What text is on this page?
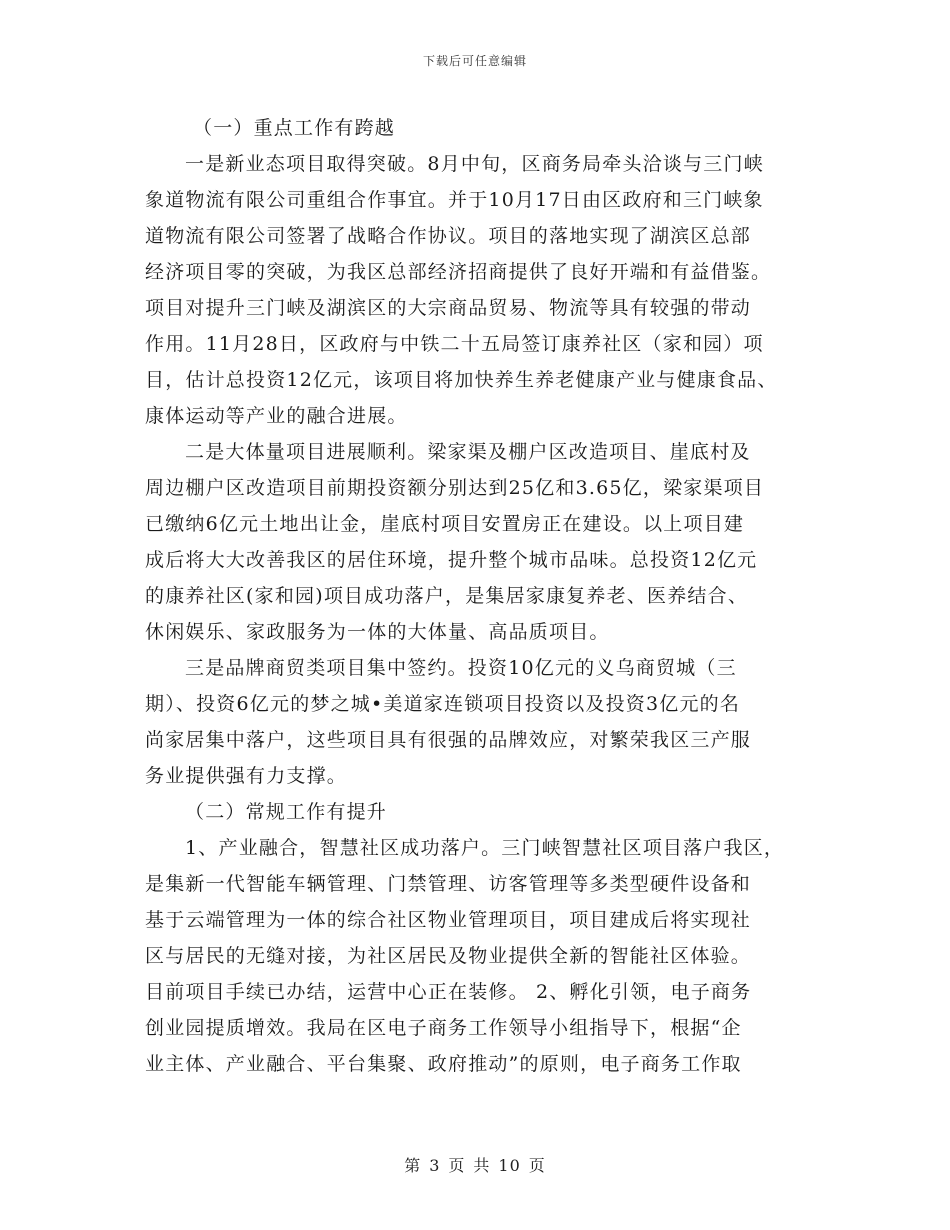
下载后可任意编辑
（一）重点工作有跨越
一是新业态项目取得突破。8月中旬，区商务局牵头洽谈与三门峡
象道物流有限公司重组合作事宜。并于10月17日由区政府和三门峡象
道物流有限公司签署了战略合作协议。项目的落地实现了湖滨区总部
经济项目零的突破，为我区总部经济招商提供了良好开端和有益借鉴。
项目对提升三门峡及湖滨区的大宗商品贸易、物流等具有较强的带动
作用。11月28日，区政府与中铁二十五局签订康养社区（家和园）项
目，估计总投资12亿元，该项目将加快养生养老健康产业与健康食品、
康体运动等产业的融合进展。
二是大体量项目进展顺利。梁家渠及棚户区改造项目、崖底村及
周边棚户区改造项目前期投资额分别达到25亿和3.65亿，梁家渠项目
已缴纳6亿元土地出让金，崖底村项目安置房正在建设。以上项目建
成后将大大改善我区的居住环境，提升整个城市品味。总投资12亿元
的康养社区(家和园)项目成功落户，是集居家康复养老、医养结合、
休闲娱乐、家政服务为一体的大体量、高品质项目。
三是品牌商贸类项目集中签约。投资10亿元的义乌商贸城（三
期）、投资6亿元的梦之城•美道家连锁项目投资以及投资3亿元的名
尚家居集中落户，这些项目具有很强的品牌效应，对繁荣我区三产服
务业提供强有力支撑。
（二）常规工作有提升
1、产业融合，智慧社区成功落户。三门峡智慧社区项目落户我区，
是集新一代智能车辆管理、门禁管理、访客管理等多类型硬件设备和
基于云端管理为一体的综合社区物业管理项目，项目建成后将实现社
区与居民的无缝对接，为社区居民及物业提供全新的智能社区体验。
目前项目手续已办结，运营中心正在装修。 2、孵化引领，电子商务
创业园提质增效。我局在区电子商务工作领导小组指导下，根据“企
业主体、产业融合、平台集聚、政府推动”的原则，电子商务工作取
第 3 页 共 10 页
